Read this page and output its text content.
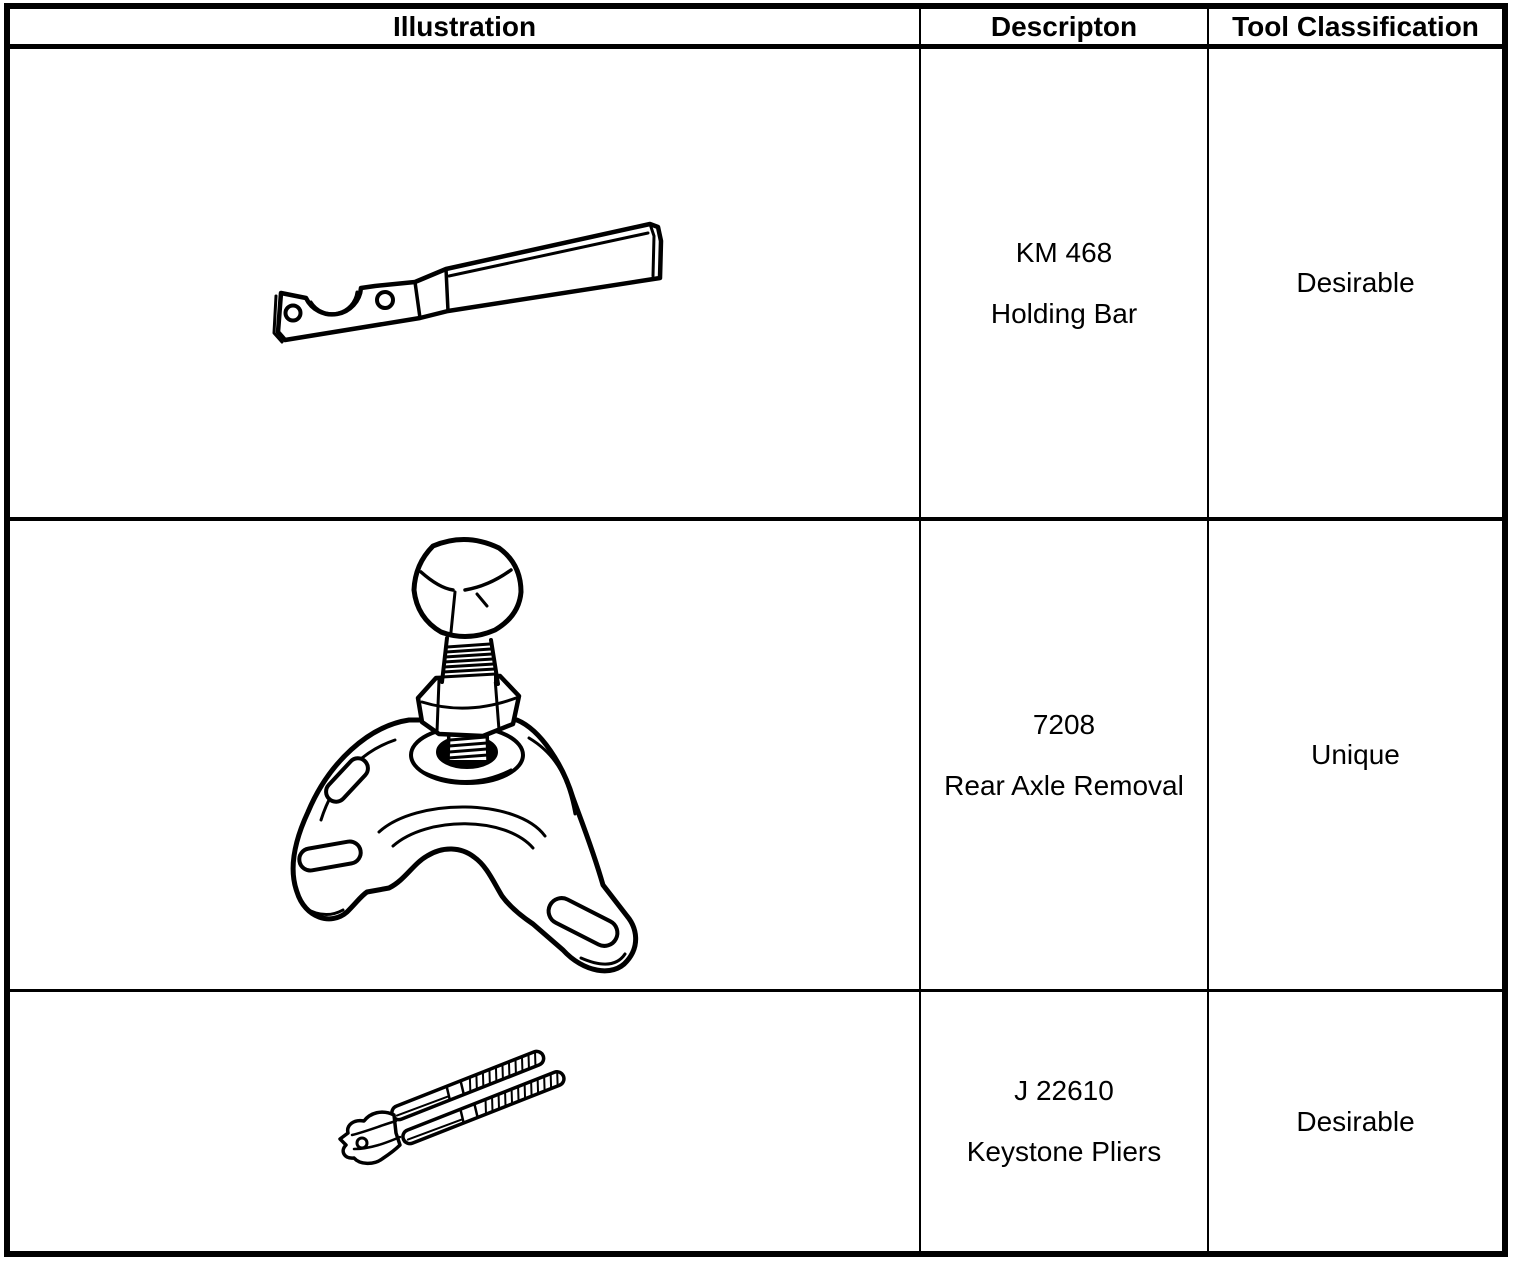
Illustration	Descripton	Tool Classification
KM 468
Holding Bar
Desirable
7208
Rear Axle Removal
Unique
J 22610
Keystone Pliers
Desirable
